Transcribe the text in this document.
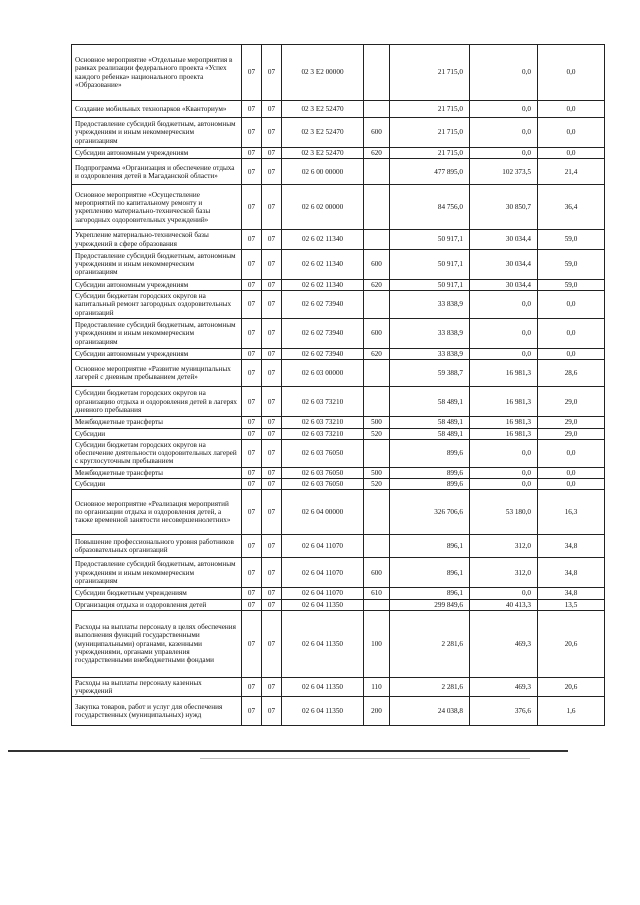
Основное мероприятие «Отдельные мероприятия в рамках реализации федерального проекта «Успех каждого ребенка» национального проекта «Образование»	07	07	02 3 E2 00000		21 715,0	0,0	0,0
Создание мобильных технопарков «Кванториум»	07	07	02 3 E2 52470		21 715,0	0,0	0,0
Предоставление субсидий бюджетным, автономным учреждениям и иным некоммерческим организациям	07	07	02 3 E2 52470	600	21 715,0	0,0	0,0
Субсидии автономным учреждениям	07	07	02 3 E2 52470	620	21 715,0	0,0	0,0
Подпрограмма «Организация и обеспечение отдыха и оздоровления детей в Магаданской области»	07	07	02 6 00 00000		477 895,0	102 373,5	21,4
Основное мероприятие «Осуществление мероприятий по капитальному ремонту и укреплению материально-технической базы загородных оздоровительных учреждений»	07	07	02 6 02 00000		84 756,0	30 850,7	36,4
Укрепление материально-технической базы учреждений в сфере образования	07	07	02 6 02 11340		50 917,1	30 034,4	59,0
Предоставление субсидий бюджетным, автономным учреждениям и иным некоммерческим организациям	07	07	02 6 02 11340	600	50 917,1	30 034,4	59,0
Субсидии автономным учреждениям	07	07	02 6 02 11340	620	50 917,1	30 034,4	59,0
Субсидии бюджетам городских округов на капитальный ремонт загородных оздоровительных организаций	07	07	02 6 02 73940		33 838,9	0,0	0,0
Предоставление субсидий бюджетным, автономным учреждениям и иным некоммерческим организациям	07	07	02 6 02 73940	600	33 838,9	0,0	0,0
Субсидии автономным учреждениям	07	07	02 6 02 73940	620	33 838,9	0,0	0,0
Основное мероприятие «Развитие муниципальных лагерей с дневным пребыванием детей»	07	07	02 6 03 00000		59 388,7	16 981,3	28,6
Субсидии бюджетам городских округов на организацию отдыха и оздоровления детей в лагерях дневного пребывания	07	07	02 6 03 73210		58 489,1	16 981,3	29,0
Межбюджетные трансферты	07	07	02 6 03 73210	500	58 489,1	16 981,3	29,0
Субсидии	07	07	02 6 03 73210	520	58 489,1	16 981,3	29,0
Субсидии бюджетам городских округов на обеспечение деятельности оздоровительных лагерей с круглосуточным пребыванием	07	07	02 6 03 76050		899,6	0,0	0,0
Межбюджетные трансферты	07	07	02 6 03 76050	500	899,6	0,0	0,0
Субсидии	07	07	02 6 03 76050	520	899,6	0,0	0,0
Основное мероприятие «Реализация мероприятий по организации отдыха и оздоровления детей, а также временной занятости несовершеннолетних»	07	07	02 6 04 00000		326 706,6	53 180,0	16,3
Повышение профессионального уровня работников образовательных организаций	07	07	02 6 04 11070		896,1	312,0	34,8
Предоставление субсидий бюджетным, автономным учреждениям и иным некоммерческим организациям	07	07	02 6 04 11070	600	896,1	312,0	34,8
Субсидии бюджетным учреждениям	07	07	02 6 04 11070	610	896,1	0,0	34,8
Организация отдыха и оздоровления детей	07	07	02 6 04 11350		299 849,6	40 413,3	13,5
Расходы на выплаты персоналу в целях обеспечения выполнения функций государственными (муниципальными) органами, казенными учреждениями, органами управления государственными внебюджетными фондами	07	07	02 6 04 11350	100	2 281,6	469,3	20,6
Расходы на выплаты персоналу казенных учреждений	07	07	02 6 04 11350	110	2 281,6	469,3	20,6
Закупка товаров, работ и услуг для обеспечения государственных (муниципальных) нужд	07	07	02 6 04 11350	200	24 038,8	376,6	1,6
